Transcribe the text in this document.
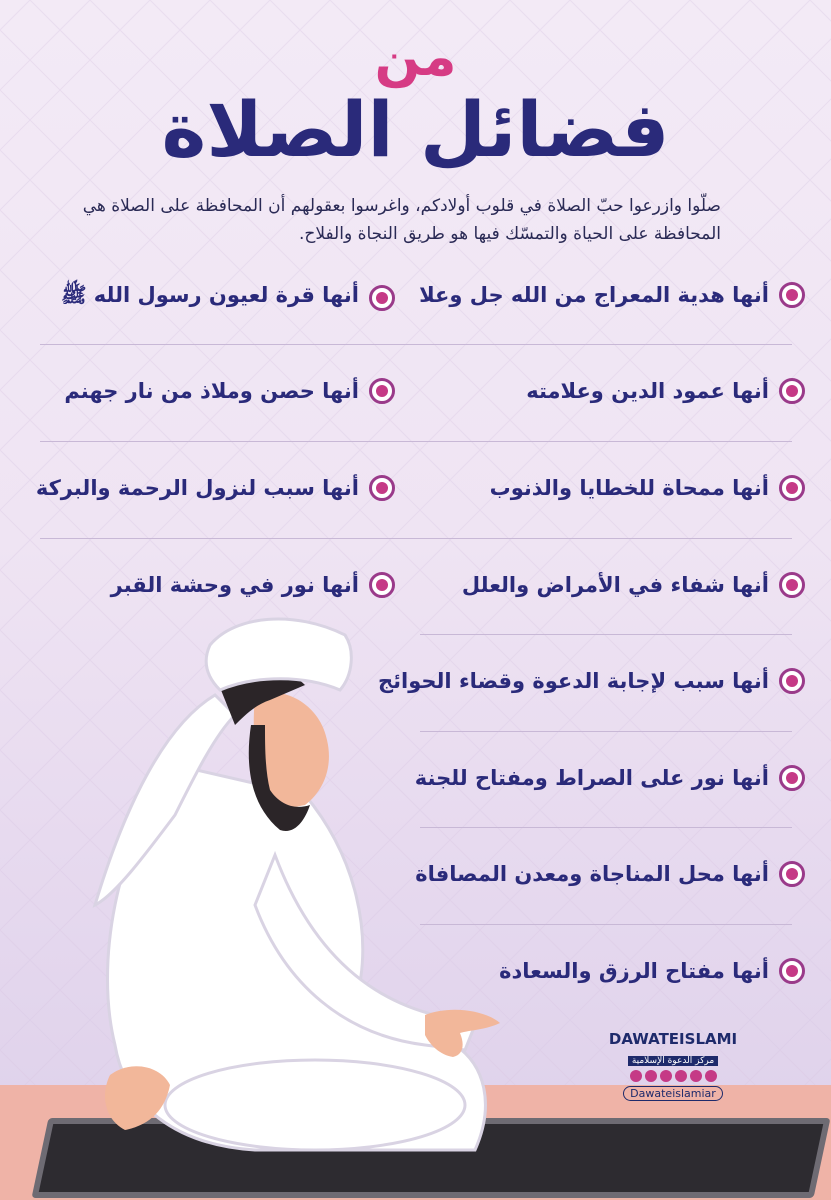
من
فضائل الصلاة
صلّوا وازرعوا حبّ الصلاة في قلوب أولادكم، واغرسوا بعقولهم أن المحافظة على الصلاة هي المحافظة على الحياة والتمسّك فيها هو طريق النجاة والفلاح.
أنها هدية المعراج من الله جل وعلا
أنها عمود الدين وعلامته
أنها ممحاة للخطايا والذنوب
أنها شفاء في الأمراض والعلل
أنها سبب لإجابة الدعوة وقضاء الحوائج
أنها نور على الصراط ومفتاح للجنة
أنها محل المناجاة ومعدن المصافاة
أنها مفتاح الرزق والسعادة
أنها قرة لعيون رسول الله ﷺ
أنها حصن وملاذ من نار جهنم
أنها سبب لنزول الرحمة والبركة
أنها نور في وحشة القبر
DAWATEISLAMI
مركز الدعوة الإسلامية
Dawateislamiar
